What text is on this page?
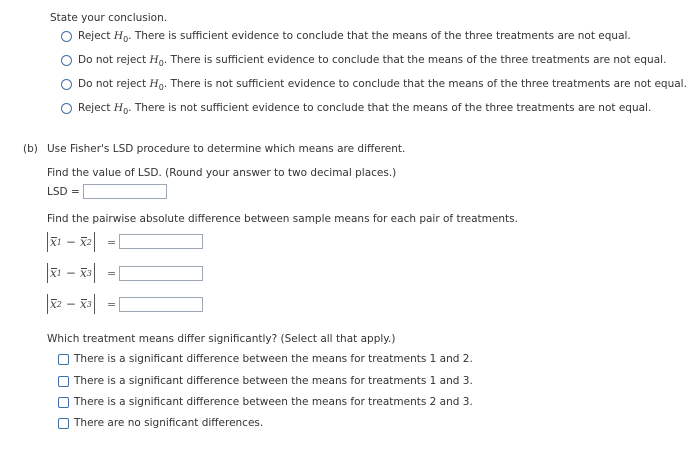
State your conclusion.
Reject $H_0$. There is sufficient evidence to conclude that the means of the three treatments are not equal.
Do not reject $H_0$. There is sufficient evidence to conclude that the means of the three treatments are not equal.
Do not reject $H_0$. There is not sufficient evidence to conclude that the means of the three treatments are not equal.
Reject $H_0$. There is not sufficient evidence to conclude that the means of the three treatments are not equal.
(b) Use Fisher's LSD procedure to determine which means are different.
Find the value of LSD. (Round your answer to two decimal places.)
LSD =
Find the pairwise absolute difference between sample means for each pair of treatments.
x 1 − x 2 =
x 1 − x 3 =
x 2 − x 3 =
Which treatment means differ significantly? (Select all that apply.)
There is a significant difference between the means for treatments 1 and 2.
There is a significant difference between the means for treatments 1 and 3.
There is a significant difference between the means for treatments 2 and 3.
There are no significant differences.
